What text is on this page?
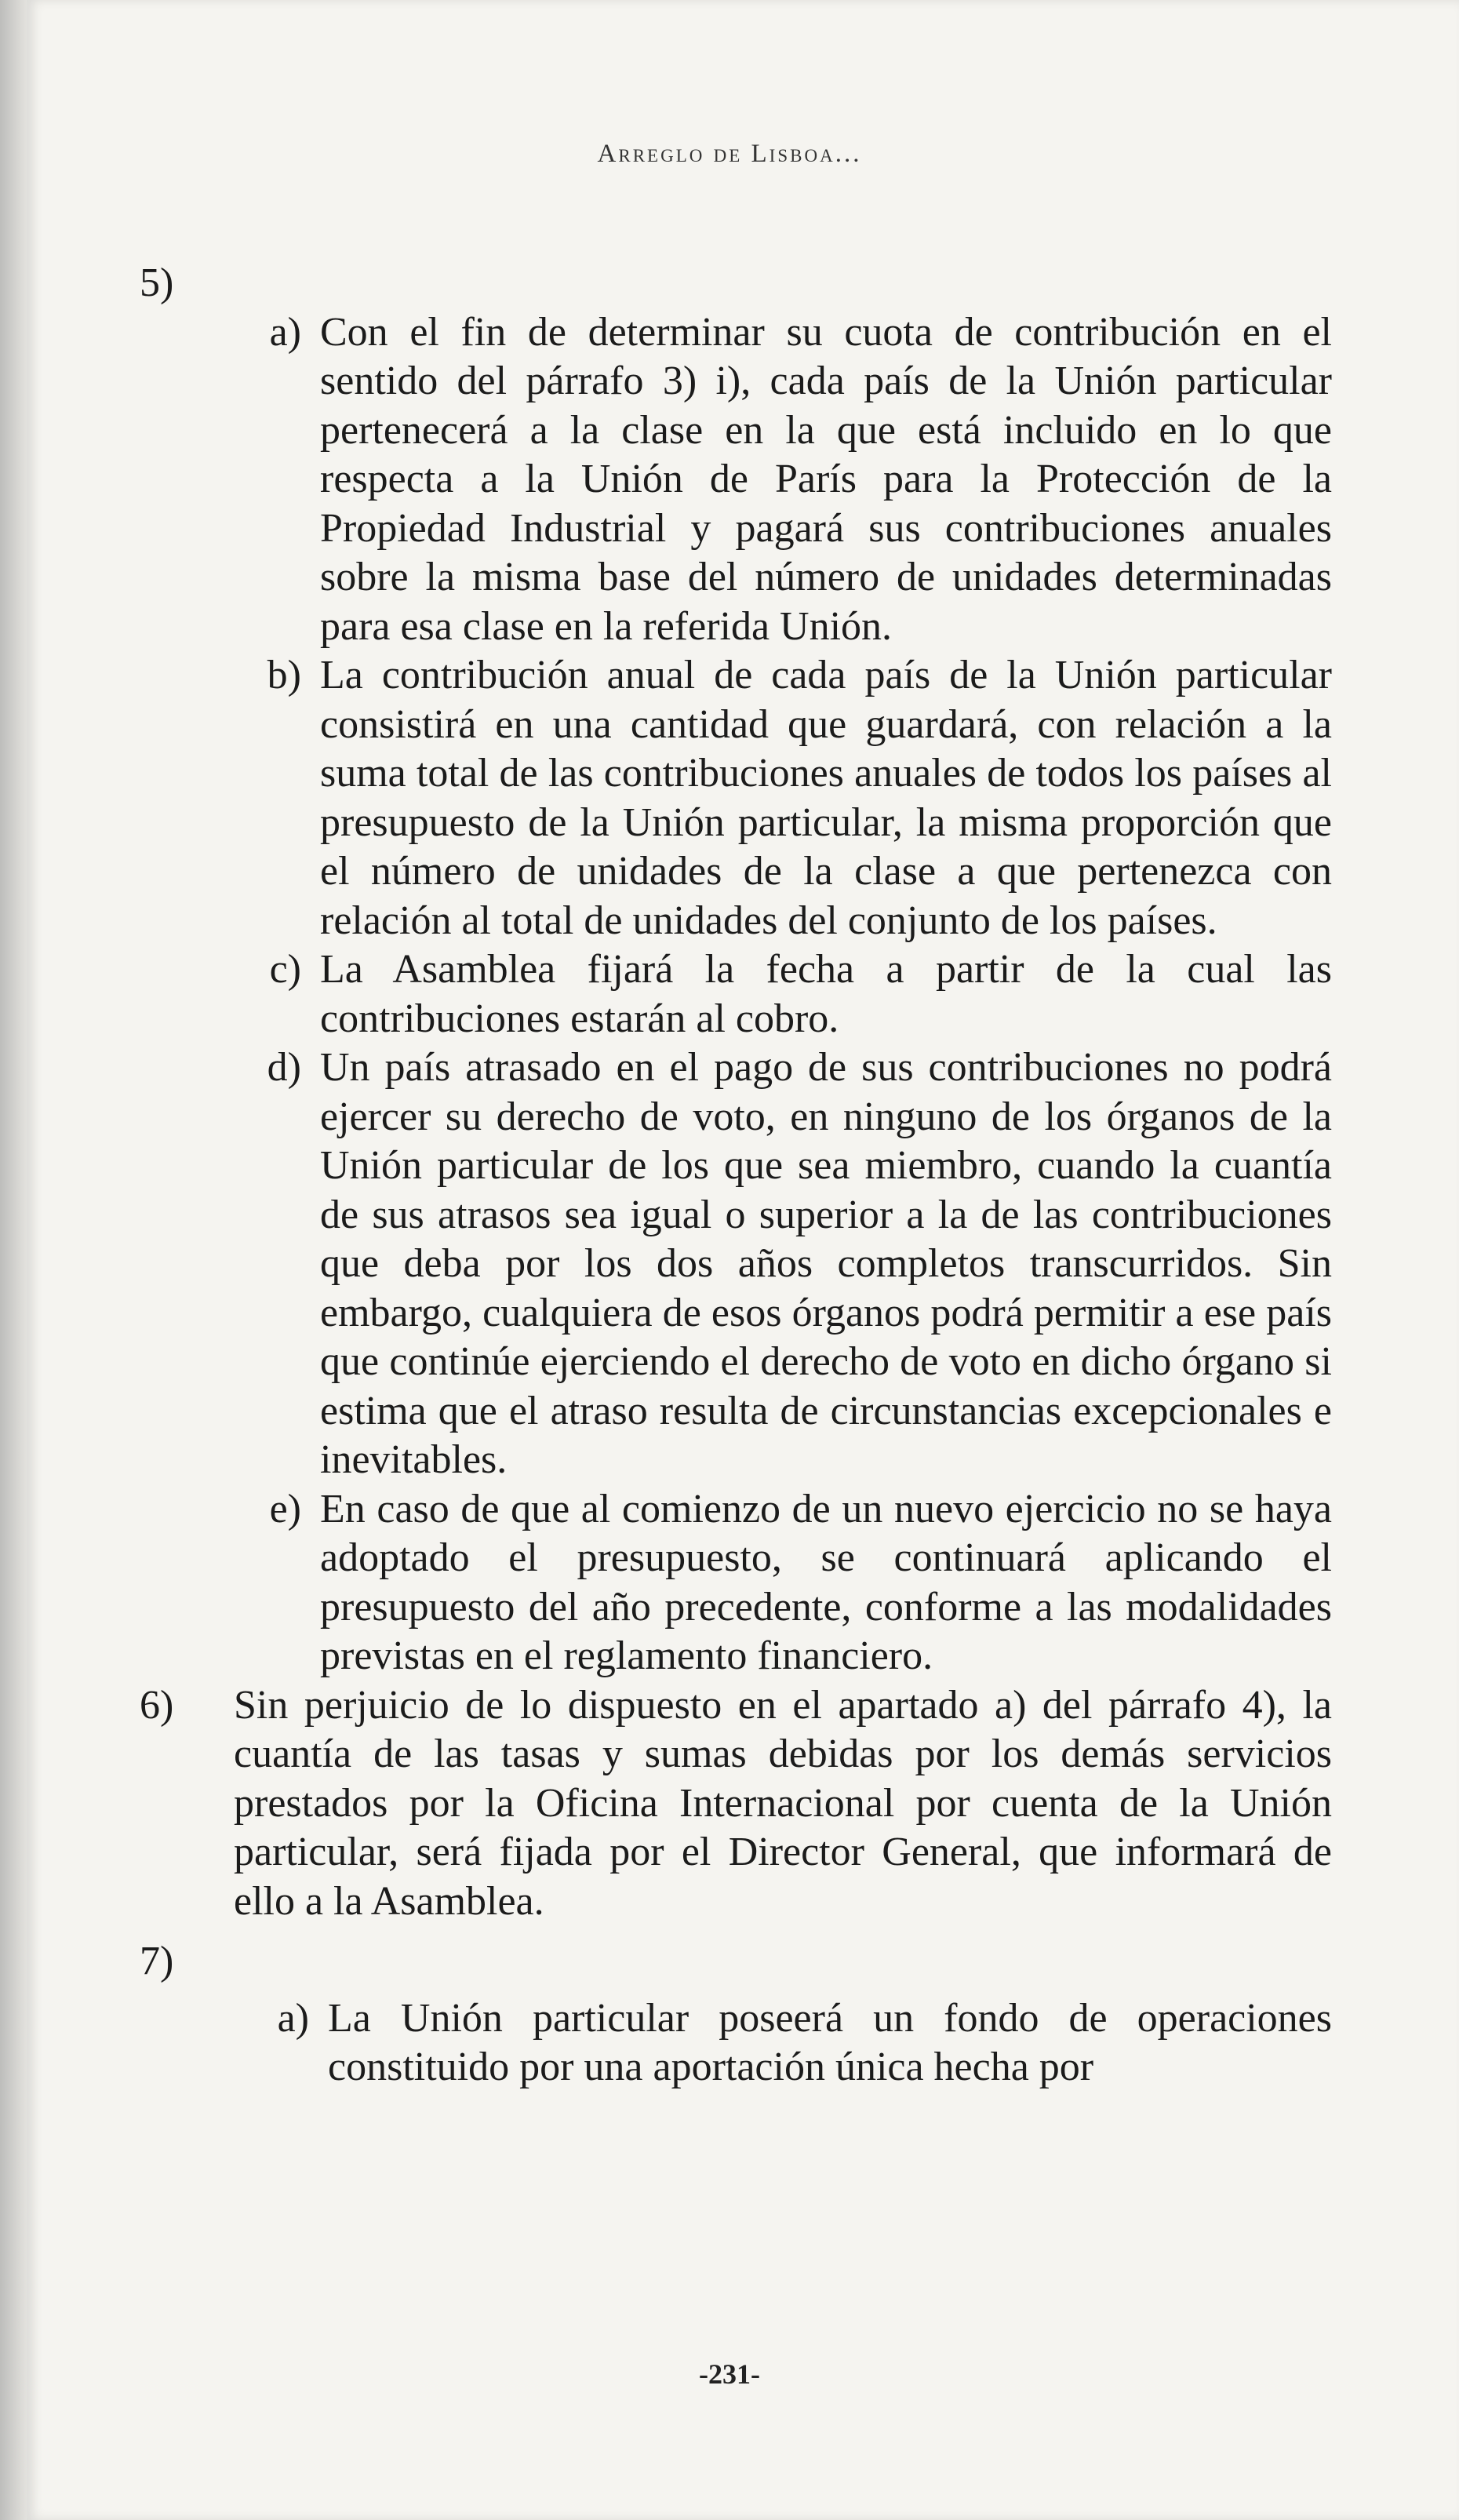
Arreglo de Lisboa...
5)
a) Con el fin de determinar su cuota de contribución en el sentido del párrafo 3) i), cada país de la Unión particular pertenecerá a la clase en la que está incluido en lo que respecta a la Unión de París para la Protección de la Propiedad Industrial y pagará sus contribuciones anuales sobre la misma base del número de unidades determinadas para esa clase en la referida Unión.
b) La contribución anual de cada país de la Unión particular consistirá en una cantidad que guardará, con relación a la suma total de las contribuciones anuales de todos los países al presupuesto de la Unión particular, la misma proporción que el número de unidades de la clase a que pertenezca con relación al total de unidades del conjunto de los países.
c) La Asamblea fijará la fecha a partir de la cual las contribuciones estarán al cobro.
d) Un país atrasado en el pago de sus contribuciones no podrá ejercer su derecho de voto, en ninguno de los órganos de la Unión particular de los que sea miembro, cuando la cuantía de sus atrasos sea igual o superior a la de las contribuciones que deba por los dos años completos transcurridos. Sin embargo, cualquiera de esos órganos podrá permitir a ese país que continúe ejerciendo el derecho de voto en dicho órgano si estima que el atraso resulta de circunstancias excepcionales e inevitables.
e) En caso de que al comienzo de un nuevo ejercicio no se haya adoptado el presupuesto, se continuará aplicando el presupuesto del año precedente, conforme a las modalidades previstas en el reglamento financiero.
6)	Sin perjuicio de lo dispuesto en el apartado a) del párrafo 4), la cuantía de las tasas y sumas debidas por los demás servicios prestados por la Oficina Internacional por cuenta de la Unión particular, será fijada por el Director General, que informará de ello a la Asamblea.
7)
a) La Unión particular poseerá un fondo de operaciones constituido por una aportación única hecha por
-231-
